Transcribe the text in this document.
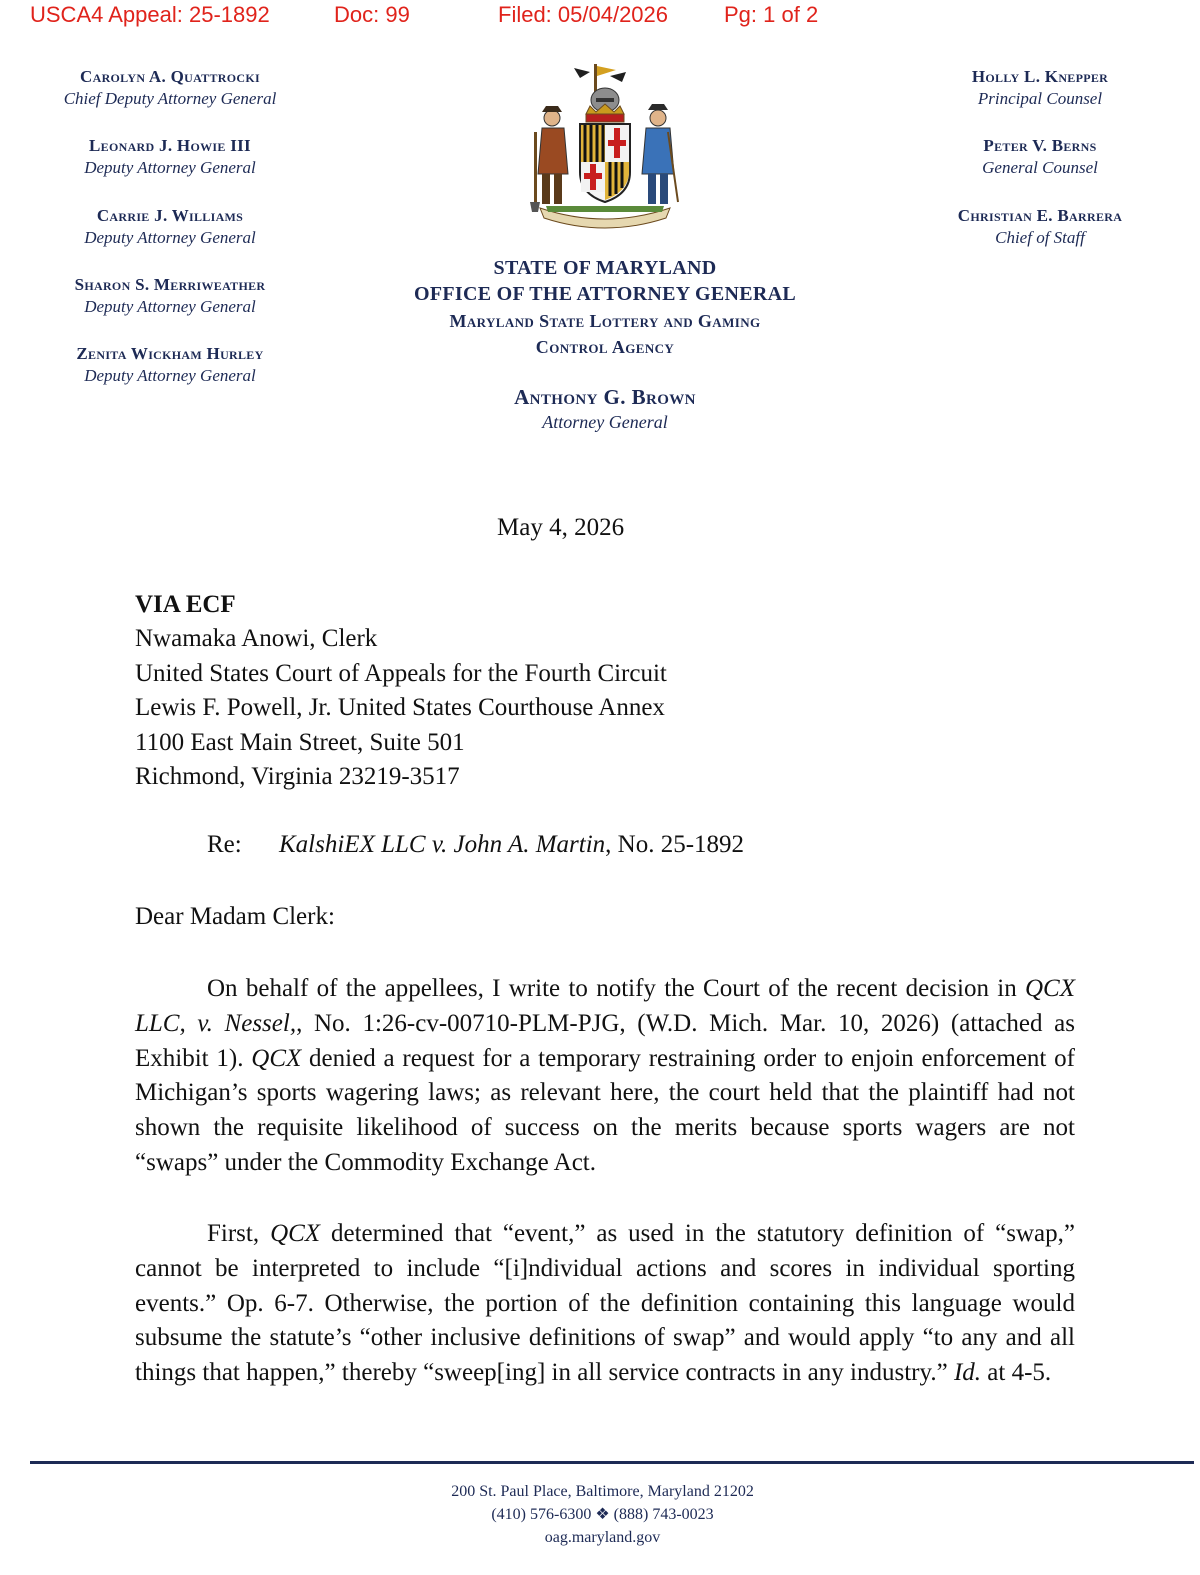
USCA4 Appeal: 25-1892	Doc: 99	Filed: 05/04/2026	Pg: 1 of 2
Carolyn A. Quattrocki
Chief Deputy Attorney General
Leonard J. Howie III
Deputy Attorney General
Carrie J. Williams
Deputy Attorney General
Sharon S. Merriweather
Deputy Attorney General
Zenita Wickham Hurley
Deputy Attorney General
Holly L. Knepper
Principal Counsel
Peter V. Berns
General Counsel
Christian E. Barrera
Chief of Staff
STATE OF MARYLAND
OFFICE OF THE ATTORNEY GENERAL
Maryland State Lottery and Gaming
Control Agency
Anthony G. Brown
Attorney General
May 4, 2026
VIA ECF
Nwamaka Anowi, Clerk
United States Court of Appeals for the Fourth Circuit
Lewis F. Powell, Jr. United States Courthouse Annex
1100 East Main Street, Suite 501
Richmond, Virginia 23219-3517
Re: KalshiEX LLC v. John A. Martin, No. 25-1892
Dear Madam Clerk:
On behalf of the appellees, I write to notify the Court of the recent decision in QCX LLC, v. Nessel,, No. 1:26-cv-00710-PLM-PJG, (W.D. Mich. Mar. 10, 2026) (attached as Exhibit 1). QCX denied a request for a temporary restraining order to enjoin enforcement of Michigan’s sports wagering laws; as relevant here, the court held that the plaintiff had not shown the requisite likelihood of success on the merits because sports wagers are not “swaps” under the Commodity Exchange Act.
First, QCX determined that “event,” as used in the statutory definition of “swap,” cannot be interpreted to include “[i]ndividual actions and scores in individual sporting events.” Op. 6-7. Otherwise, the portion of the definition containing this language would subsume the statute’s “other inclusive definitions of swap” and would apply “to any and all things that happen,” thereby “sweep[ing] in all service contracts in any industry.” Id. at 4-5.
200 St. Paul Place, Baltimore, Maryland 21202
(410) 576-6300 ❖ (888) 743-0023
oag.maryland.gov
